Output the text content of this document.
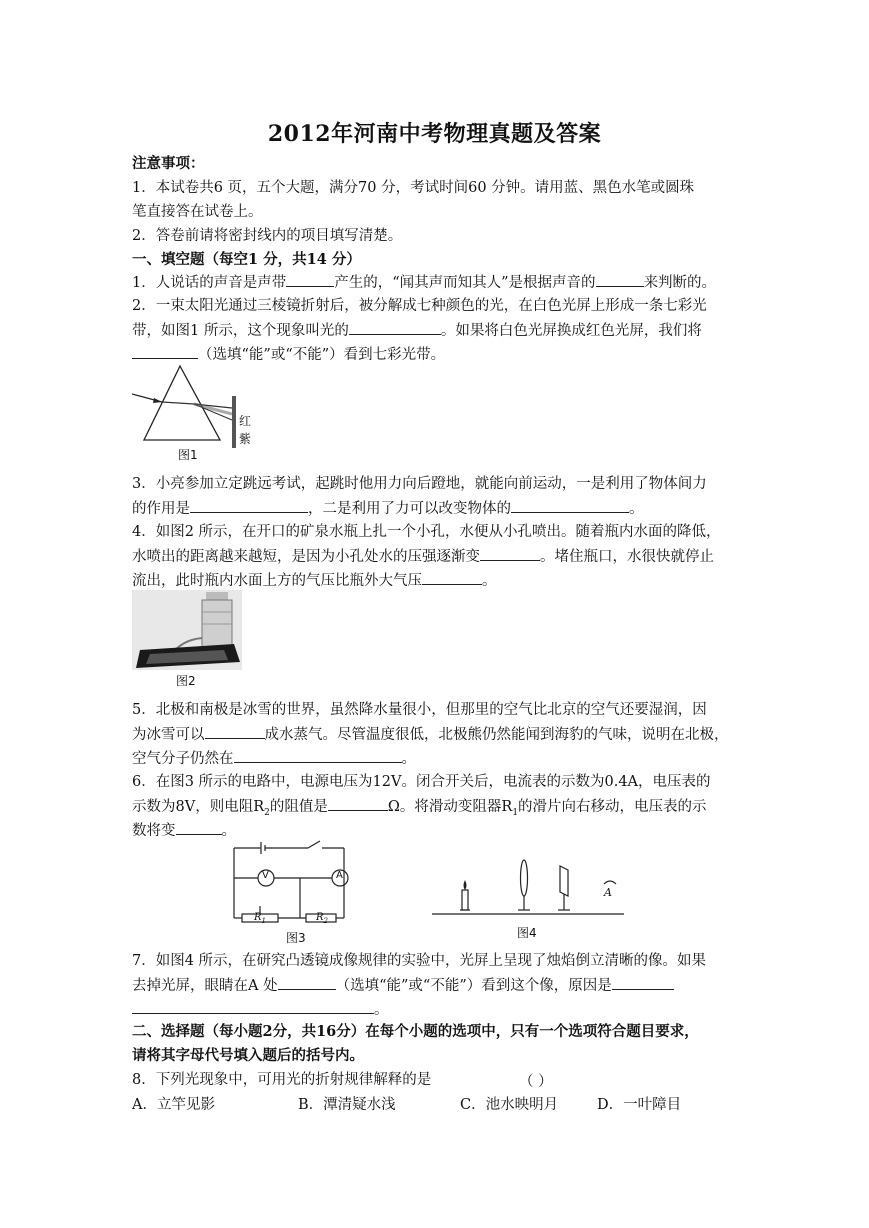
2012年河南中考物理真题及答案
注意事项：
1．本试卷共6 页，五个大题，满分70 分，考试时间60 分钟。请用蓝、黑色水笔或圆珠
笔直接答在试卷上。
2．答卷前请将密封线内的项目填写清楚。
一、填空题（每空1 分，共14 分）
1．人说话的声音是声带	产生的，“闻其声而知其人”是根据声音的	来判断的。
2．一束太阳光通过三棱镜折射后，被分解成七种颜色的光，在白色光屏上形成一条七彩光
带，如图1 所示，这个现象叫光的	。如果将白色光屏换成红色光屏，我们将
（选填“能”或“不能”）看到七彩光带。
红
紫
图1
3．小亮参加立定跳远考试，起跳时他用力向后蹬地，就能向前运动，一是利用了物体间力
的作用是	，二是利用了力可以改变物体的	。
4．如图2 所示，在开口的矿泉水瓶上扎一个小孔，水便从小孔喷出。随着瓶内水面的降低，
水喷出的距离越来越短，是因为小孔处水的压强逐渐变	。堵住瓶口，水很快就停止
流出，此时瓶内水面上方的气压比瓶外大气压	。
图2
5．北极和南极是冰雪的世界，虽然降水量很小，但那里的空气比北京的空气还要湿润，因
为冰雪可以	成水蒸气。尽管温度很低，北极熊仍然能闻到海豹的气味，说明在北极，
空气分子仍然在	。
6．在图3 所示的电路中，电源电压为12V。闭合开关后，电流表的示数为0.4A，电压表的
示数为8V，则电阻$R_2$的阻值是	Ω。将滑动变阻器$R_1$的滑片向右移动，电压表的示
数将变	。
V	A
$R_1$	$R_2$
图3
A
图4
7．如图4 所示，在研究凸透镜成像规律的实验中，光屏上呈现了烛焰倒立清晰的像。如果
去掉光屏，眼睛在A 处	（选填“能”或“不能”）看到这个像，原因是
。
二、选择题（每小题2分，共16分）在每个小题的选项中，只有一个选项符合题目要求，
请将其字母代号填入题后的括号内。
8．下列光现象中，可用光的折射规律解释的是	（ ）
A．立竿见影	B．潭清疑水浅	C．池水映明月	D．一叶障目
